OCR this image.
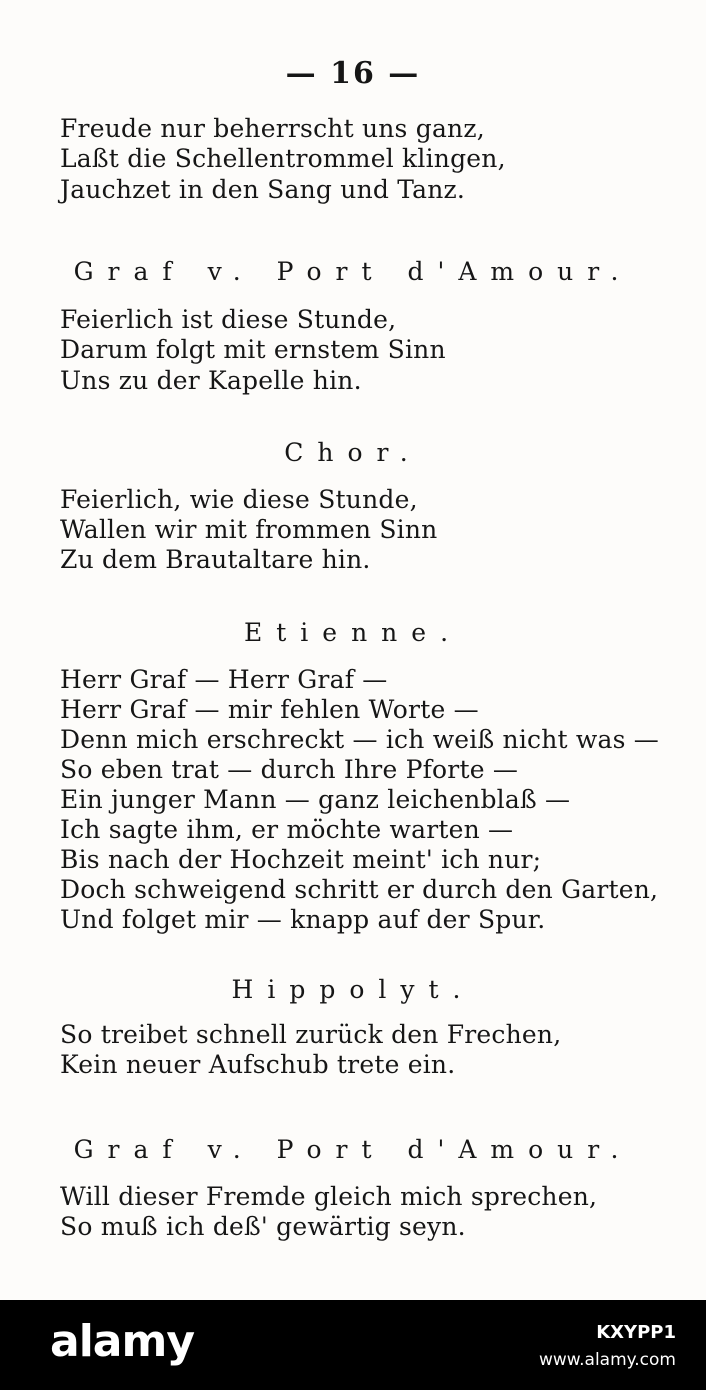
— 16 —
Freude nur beherrscht uns ganz,
Laßt die Schellentrommel klingen,
Jauchzet in den Sang und Tanz.
Graf v. Port d'Amour.
Feierlich ist diese Stunde,
Darum folgt mit ernstem Sinn
Uns zu der Kapelle hin.
Chor.
Feierlich, wie diese Stunde,
Wallen wir mit frommen Sinn
Zu dem Brautaltare hin.
Etienne.
Herr Graf — Herr Graf —
Herr Graf — mir fehlen Worte —
Denn mich erschreckt — ich weiß nicht was —
So eben trat — durch Ihre Pforte —
Ein junger Mann — ganz leichenblaß —
Ich sagte ihm, er möchte warten —
Bis nach der Hochzeit meint' ich nur;
Doch schweigend schritt er durch den Garten,
Und folget mir — knapp auf der Spur.
Hippolyt.
So treibet schnell zurück den Frechen,
Kein neuer Aufschub trete ein.
Graf v. Port d'Amour.
Will dieser Fremde gleich mich sprechen,
So muß ich deß' gewärtig seyn.
alamy	KXYPP1
www.alamy.com
